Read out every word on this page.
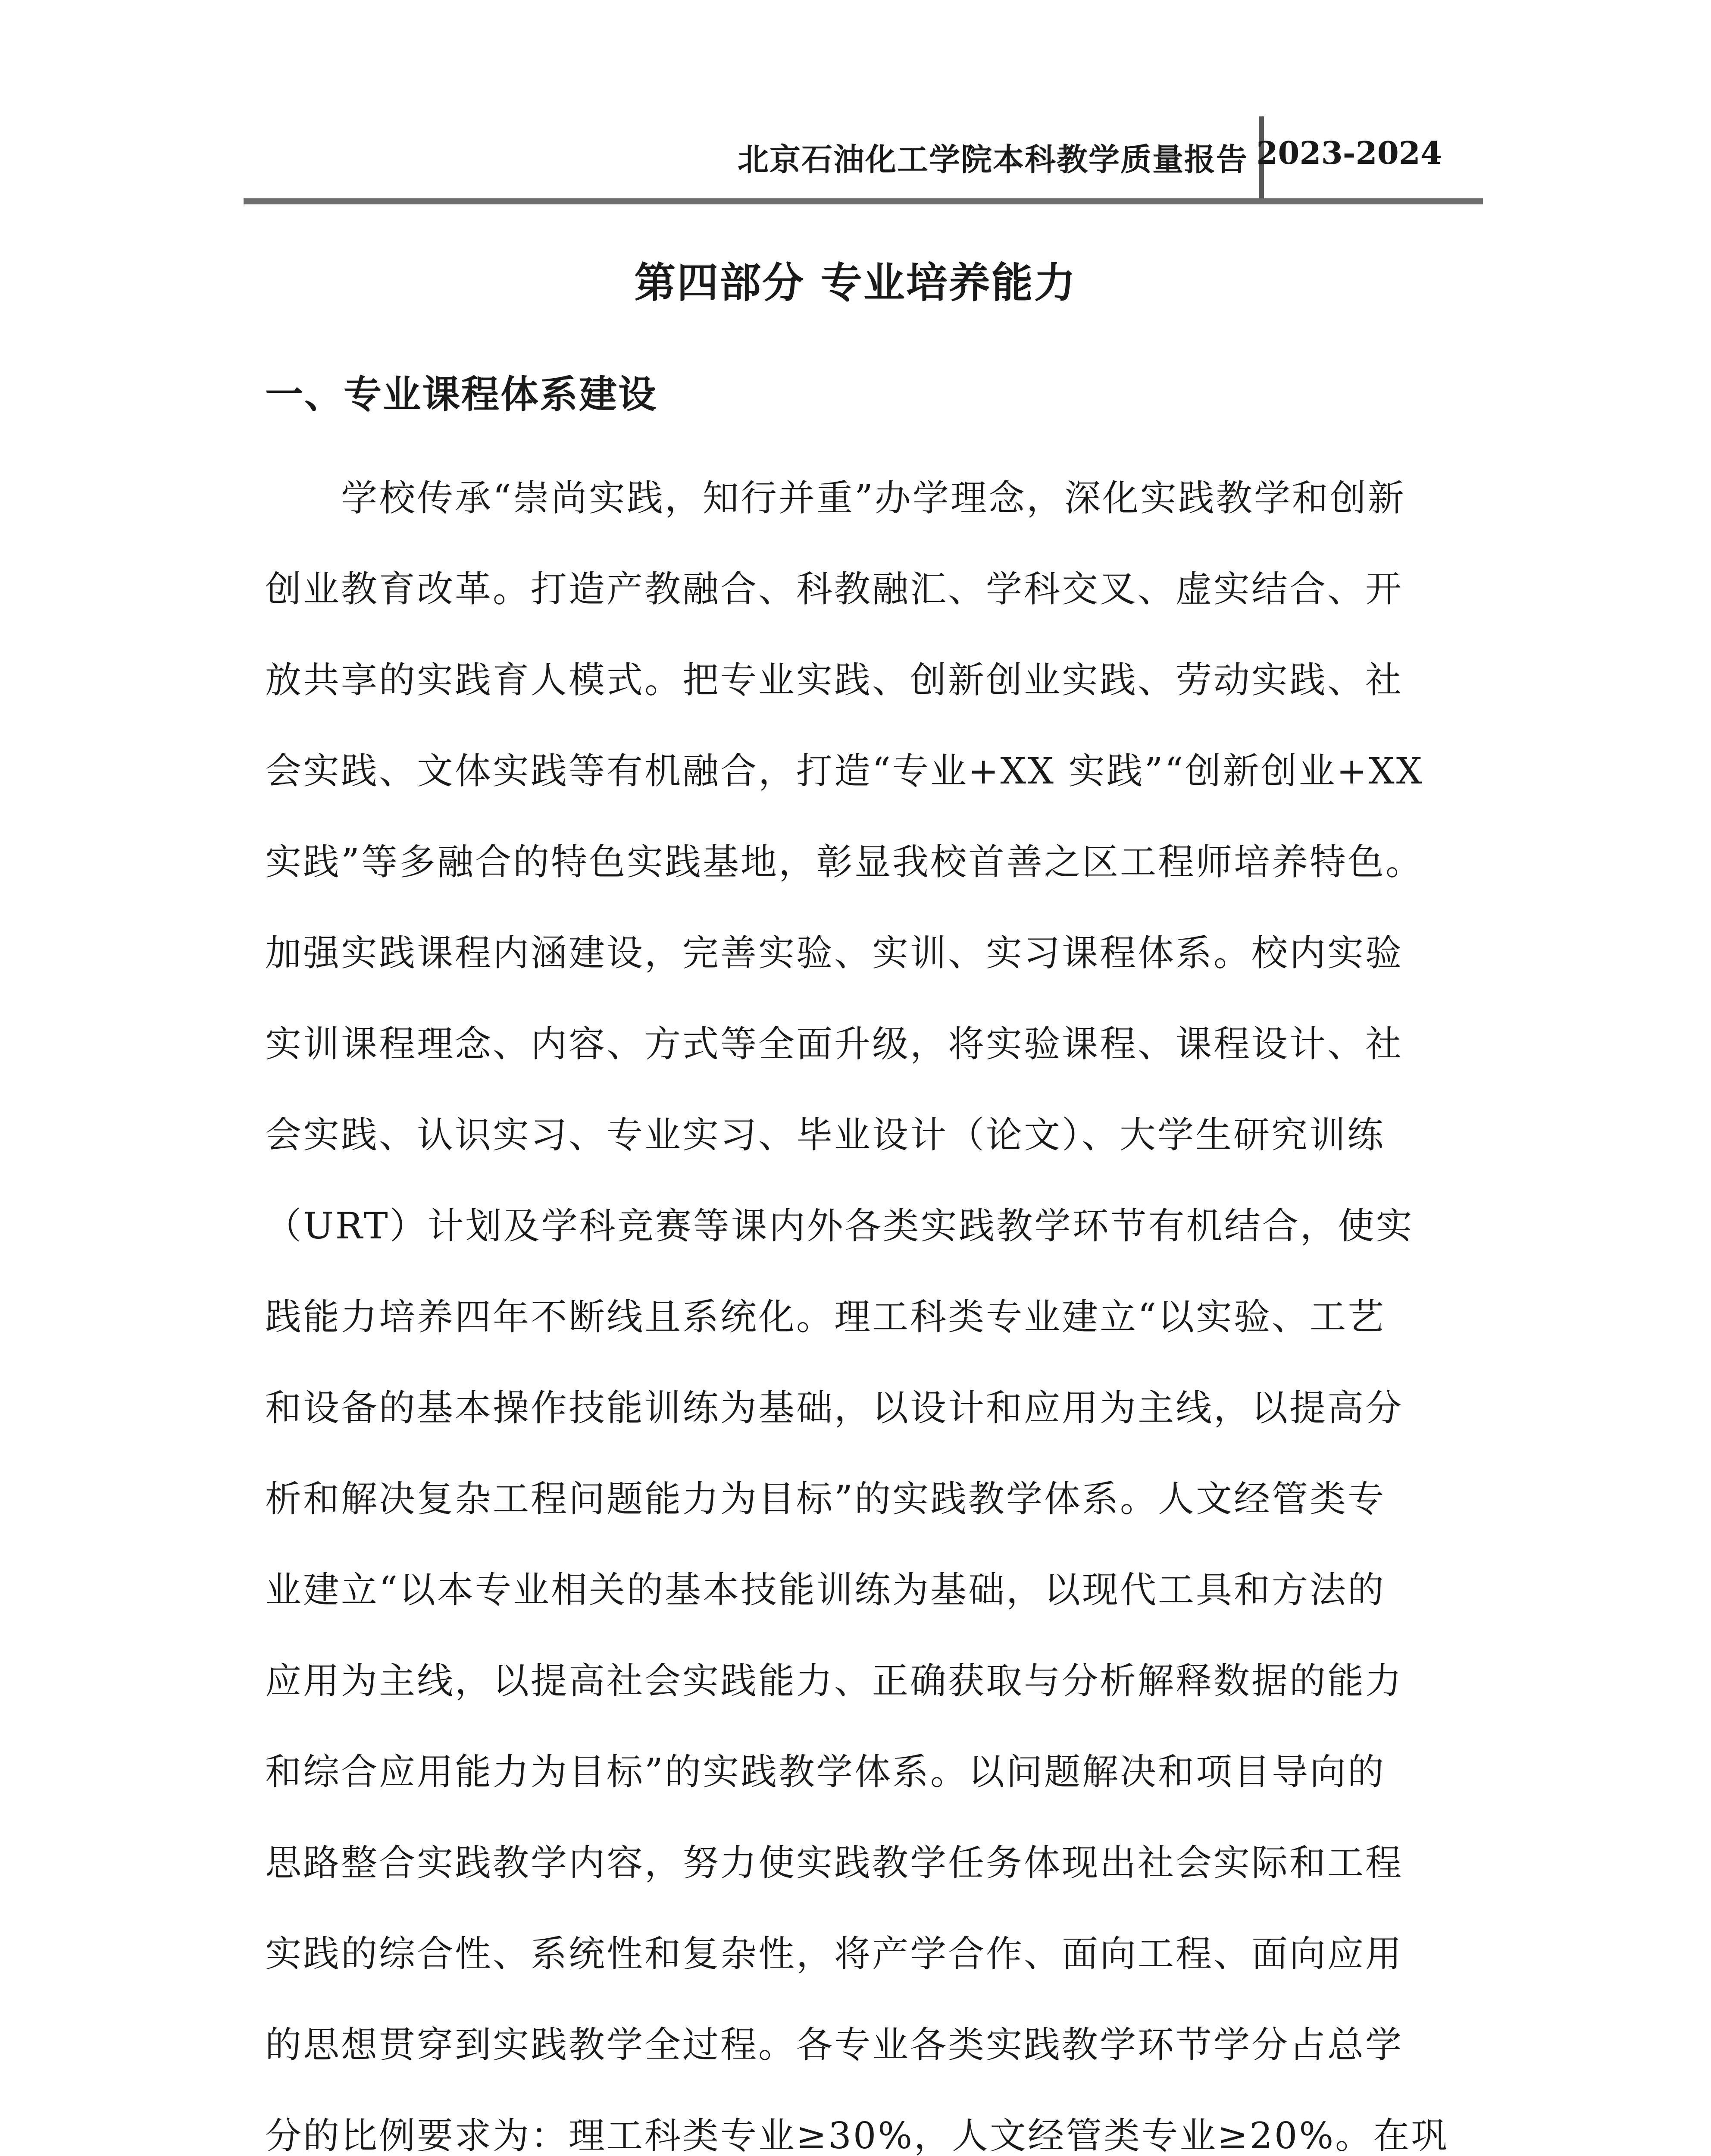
北京石油化工学院本科教学质量报告 2023-2024
第四部分 专业培养能力
一、专业课程体系建设
　　学校传承“崇尚实践，知行并重”办学理念，深化实践教学和创新
创业教育改革。打造产教融合、科教融汇、学科交叉、虚实结合、开
放共享的实践育人模式。把专业实践、创新创业实践、劳动实践、社
会实践、文体实践等有机融合，打造“专业+XX 实践”“创新创业+XX
实践”等多融合的特色实践基地，彰显我校首善之区工程师培养特色。
加强实践课程内涵建设，完善实验、实训、实习课程体系。校内实验
实训课程理念、内容、方式等全面升级，将实验课程、课程设计、社
会实践、认识实习、专业实习、毕业设计（论文）、大学生研究训练
（URT）计划及学科竞赛等课内外各类实践教学环节有机结合，使实
践能力培养四年不断线且系统化。理工科类专业建立“以实验、工艺
和设备的基本操作技能训练为基础，以设计和应用为主线，以提高分
析和解决复杂工程问题能力为目标”的实践教学体系。人文经管类专
业建立“以本专业相关的基本技能训练为基础，以现代工具和方法的
应用为主线，以提高社会实践能力、正确获取与分析解释数据的能力
和综合应用能力为目标”的实践教学体系。以问题解决和项目导向的
思路整合实践教学内容，努力使实践教学任务体现出社会实际和工程
实践的综合性、系统性和复杂性，将产学合作、面向工程、面向应用
的思想贯穿到实践教学全过程。各专业各类实践教学环节学分占总学
分的比例要求为：理工科类专业≥30%，人文经管类专业≥20%。在巩
